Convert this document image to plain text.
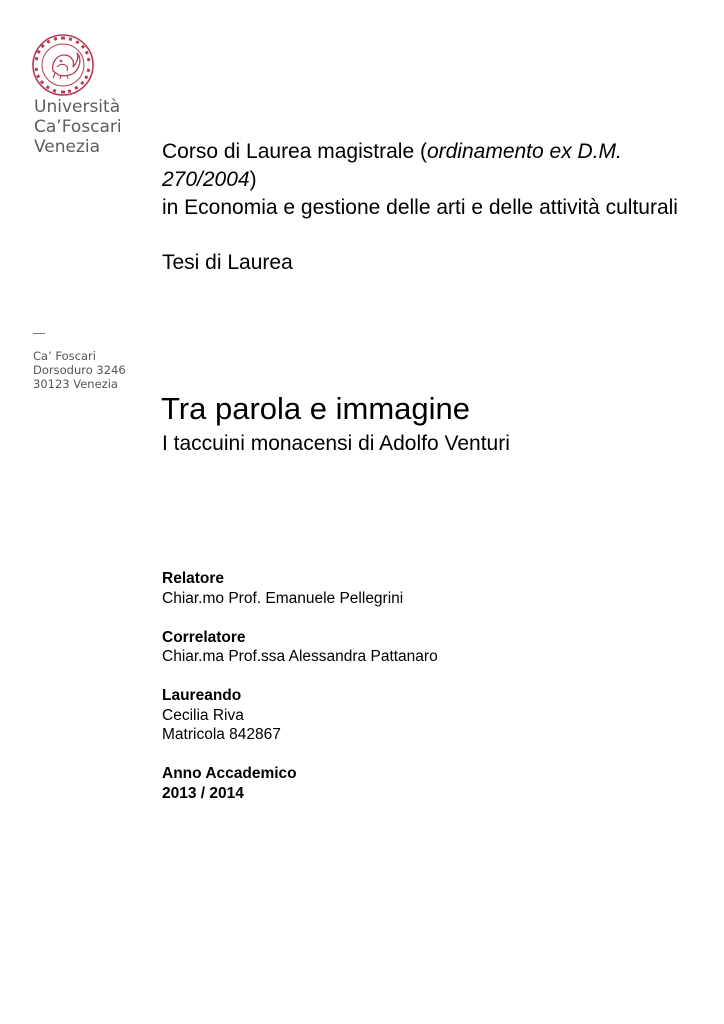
Università
Ca’Foscari
Venezia
Ca’ Foscari
Dorsoduro 3246
30123 Venezia

Corso di Laurea magistrale (ordinamento ex D.M. 270/2004)
in Economia e gestione delle arti e delle attività culturali

Tesi di Laurea
Tra parola e immagine
I taccuini monacensi di Adolfo Venturi
Relatore
Chiar.mo Prof. Emanuele Pellegrini
Correlatore
Chiar.ma Prof.ssa Alessandra Pattanaro
Laureando
Cecilia Riva
Matricola 842867
Anno Accademico
2013 / 2014
